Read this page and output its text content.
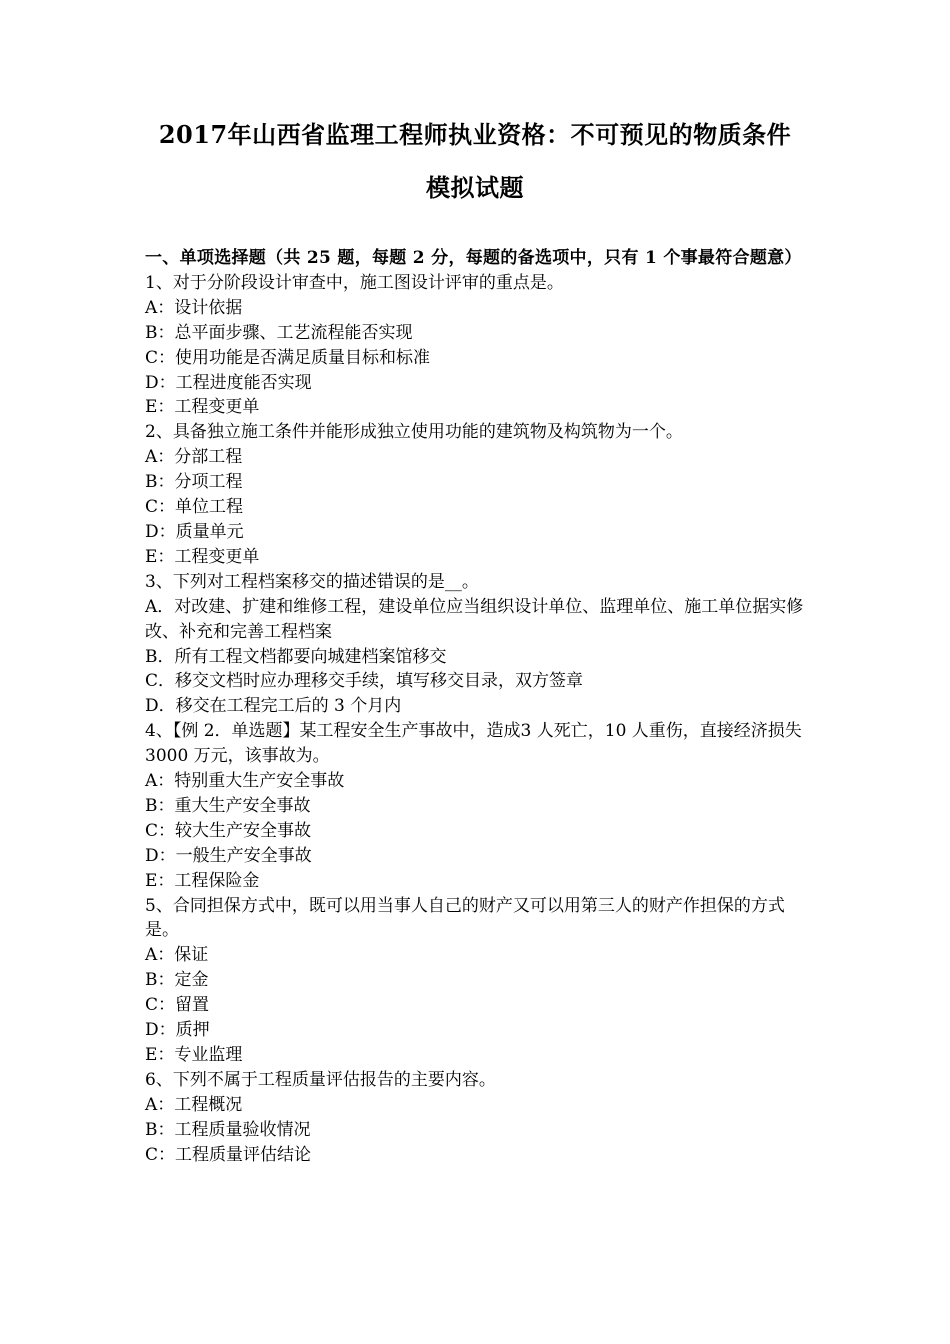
2017年山西省监理工程师执业资格：不可预见的物质条件
模拟试题
一、单项选择题（共 25 题，每题 2 分，每题的备选项中，只有 1 个事最符合题意）
1、对于分阶段设计审查中，施工图设计评审的重点是。
A：设计依据
B：总平面步骤、工艺流程能否实现
C：使用功能是否满足质量目标和标准
D：工程进度能否实现
E：工程变更单
2、具备独立施工条件并能形成独立使用功能的建筑物及构筑物为一个。
A：分部工程
B：分项工程
C：单位工程
D：质量单元
E：工程变更单
3、下列对工程档案移交的描述错误的是__。
A．对改建、扩建和维修工程，建设单位应当组织设计单位、监理单位、施工单位据实修改、补充和完善工程档案
B．所有工程文档都要向城建档案馆移交
C．移交文档时应办理移交手续，填写移交目录，双方签章
D．移交在工程完工后的 3 个月内
4、【例 2．单选题】某工程安全生产事故中，造成3 人死亡，10 人重伤，直接经济损失 3000 万元，该事故为。
A：特别重大生产安全事故
B：重大生产安全事故
C：较大生产安全事故
D：一般生产安全事故
E：工程保险金
5、合同担保方式中，既可以用当事人自己的财产又可以用第三人的财产作担保的方式是。
A：保证
B：定金
C：留置
D：质押
E：专业监理
6、下列不属于工程质量评估报告的主要内容。
A：工程概况
B：工程质量验收情况
C：工程质量评估结论
